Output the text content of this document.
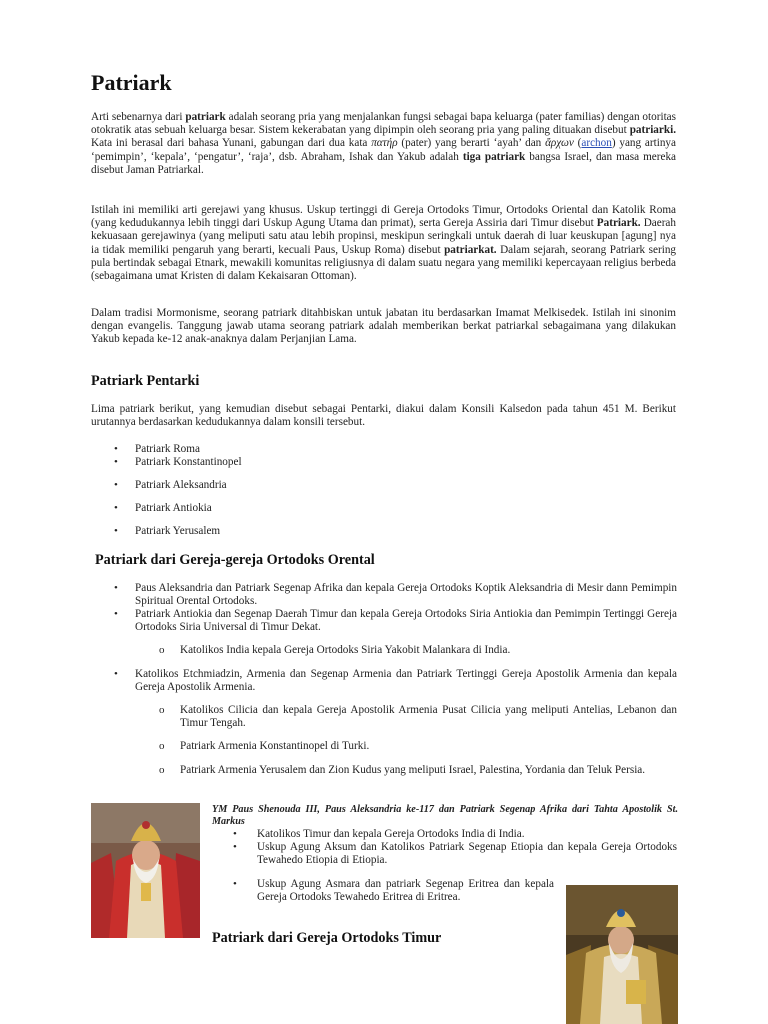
Patriark

Arti sebenarnya dari patriark adalah seorang pria yang menjalankan fungsi sebagai bapa keluarga (pater familias) dengan otoritas otokratik atas sebuah keluarga besar. Sistem kekerabatan yang dipimpin oleh seorang pria yang paling dituakan disebut patriarki. Kata ini berasal dari bahasa Yunani, gabungan dari dua kata πατήρ (pater) yang berarti ‘ayah’ dan ἄρχων (archon) yang artinya ‘pemimpin’, ‘kepala’, ‘pengatur’, ‘raja’, dsb. Abraham, Ishak dan Yakub adalah tiga patriark bangsa Israel, dan masa mereka disebut Jaman Patriarkal.

Istilah ini memiliki arti gerejawi yang khusus. Uskup tertinggi di Gereja Ortodoks Timur, Ortodoks Oriental dan Katolik Roma (yang kedudukannya lebih tinggi dari Uskup Agung Utama dan primat), serta Gereja Assiria dari Timur disebut Patriark. Daerah kekuasaan gerejawinya (yang meliputi satu atau lebih propinsi, meskipun seringkali untuk daerah di luar keuskupan [agung] nya ia tidak memiliki pengaruh yang berarti, kecuali Paus, Uskup Roma) disebut patriarkat. Dalam sejarah, seorang Patriark sering pula bertindak sebagai Etnark, mewakili komunitas religiusnya di dalam suatu negara yang memiliki kepercayaan religius berbeda (sebagaimana umat Kristen di dalam Kekaisaran Ottoman).

Dalam tradisi Mormonisme, seorang patriark ditahbiskan untuk jabatan itu berdasarkan Imamat Melkisedek. Istilah ini sinonim dengan evangelis. Tanggung jawab utama seorang patriark adalah memberikan berkat patriarkal sebagaimana yang dilakukan Yakub kepada ke-12 anak-anaknya dalam Perjanjian Lama.

Patriark Pentarki

Lima patriark berikut, yang kemudian disebut sebagai Pentarki, diakui dalam Konsili Kalsedon pada tahun 451 M. Berikut urutannya berdasarkan kedudukannya dalam konsili tersebut.

• Patriark Roma

• Patriark Konstantinopel

• Patriark Aleksandria

• Patriark Antiokia

• Patriark Yerusalem

Patriark dari Gereja-gereja Ortodoks Orental

• Paus Aleksandria dan Patriark Segenap Afrika dan kepala Gereja Ortodoks Koptik Aleksandria di Mesir dann Pemimpin Spiritual Orental Ortodoks.

• Patriark Antiokia dan Segenap Daerah Timur dan kepala Gereja Ortodoks Siria Antiokia dan Pemimpin Tertinggi Gereja Ortodoks Siria Universal di Timur Dekat.

o Katolikos India kepala Gereja Ortodoks Siria Yakobit Malankara di India.

• Katolikos Etchmiadzin, Armenia dan Segenap Armenia dan Patriark Tertinggi Gereja Apostolik Armenia dan kepala Gereja Apostolik Armenia.

o Katolikos Cilicia dan kepala Gereja Apostolik Armenia Pusat Cilicia yang meliputi Antelias, Lebanon dan Timur Tengah.

o Patriark Armenia Konstantinopel di Turki.

o Patriark Armenia Yerusalem dan Zion Kudus yang meliputi Israel, Palestina, Yordania dan Teluk Persia.

YM Paus Shenouda III, Paus Aleksandria ke-117 dan Patriark Segenap Afrika dari Tahta Apostolik St. Markus

• Katolikos Timur dan kepala Gereja Ortodoks India di India.

• Uskup Agung Aksum dan Katolikos Patriark Segenap Etiopia dan kepala Gereja Ortodoks Tewahedo Etiopia di Etiopia.

• Uskup Agung Asmara dan patriark Segenap Eritrea dan kepala Gereja Ortodoks Tewahedo Eritrea di Eritrea.

Patriark dari Gereja Ortodoks Timur
